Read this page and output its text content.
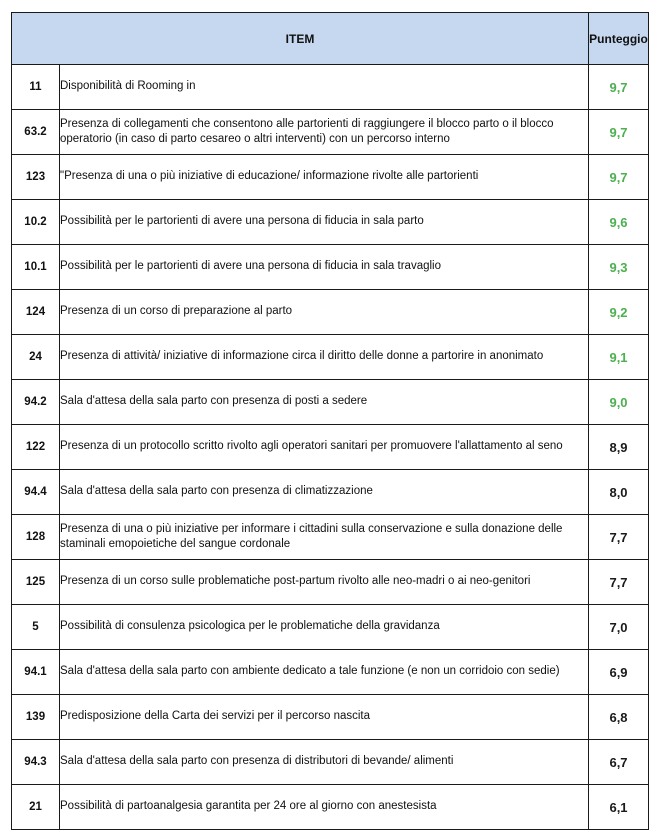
ITEM		Punteggio
11	Disponibilità di Rooming in	9,7
63.2	Presenza di collegamenti che consentono alle partorienti di raggiungere il blocco parto o il blocco operatorio (in caso di parto cesareo o altri interventi) con un percorso interno	9,7
123	"Presenza di una o più iniziative di educazione/ informazione rivolte alle partorienti	9,7
10.2	Possibilità per le partorienti di avere una persona di fiducia in sala parto	9,6
10.1	Possibilità per le partorienti di avere una persona di fiducia in sala travaglio	9,3
124	Presenza di un corso di preparazione al parto	9,2
24	Presenza di attività/ iniziative di informazione circa il diritto delle donne a partorire in anonimato	9,1
94.2	Sala d'attesa della sala parto con presenza di posti a sedere	9,0
122	Presenza di un protocollo scritto rivolto agli operatori sanitari per promuovere l'allattamento al seno	8,9
94.4	Sala d'attesa della sala parto con presenza di climatizzazione	8,0
128	Presenza di una o più iniziative per informare i cittadini sulla conservazione e sulla donazione delle staminali emopoietiche del sangue cordonale	7,7
125	Presenza di un corso sulle problematiche post-partum rivolto alle neo-madri o ai neo-genitori	7,7
5	Possibilità di consulenza psicologica per le problematiche della gravidanza	7,0
94.1	Sala d'attesa della sala parto con ambiente dedicato a tale funzione (e non un corridoio con sedie)	6,9
139	Predisposizione della Carta dei servizi per il percorso nascita	6,8
94.3	Sala d'attesa della sala parto con presenza di distributori di bevande/ alimenti	6,7
21	Possibilità di partoanalgesia garantita per 24 ore al giorno con anestesista	6,1
